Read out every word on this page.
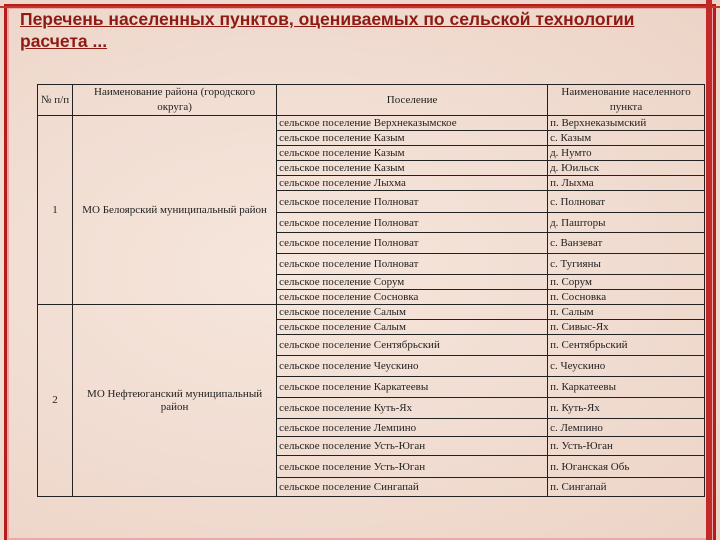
Перечень населенных пунктов, оцениваемых по сельской технологии расчета ...
№ п/п	Наименование района (городского округа)	Поселение	Наименование населенного пункта
1	МО Белоярский муниципальный район	сельское поселение Верхнеказымское	п. Верхнеказымский
		сельское поселение Казым	с. Казым
		сельское поселение Казым	д. Нумто
		сельское поселение Казым	д. Юильск
		сельское поселение Лыхма	п. Лыхма
		сельское поселение Полноват	с. Полноват
		сельское поселение Полноват	д. Пашторы
		сельское поселение Полноват	с. Ванзеват
		сельское поселение Полноват	с. Тугияны
		сельское поселение Сорум	п. Сорум
		сельское поселение Сосновка	п. Сосновка
2	МО Нефтеюганский муниципальный район	сельское поселение Салым	п. Салым
		сельское поселение Салым	п. Сивыс-Ях
		сельское поселение Сентябрьский	п. Сентябрьский
		сельское поселение Чеускино	с. Чеускино
		сельское поселение Каркатеевы	п. Каркатеевы
		сельское поселение Куть-Ях	п. Куть-Ях
		сельское поселение Лемпино	с. Лемпино
		сельское поселение Усть-Юган	п. Усть-Юган
		сельское поселение Усть-Юган	п. Юганская Обь
		сельское поселение Сингапай	п. Сингапай
